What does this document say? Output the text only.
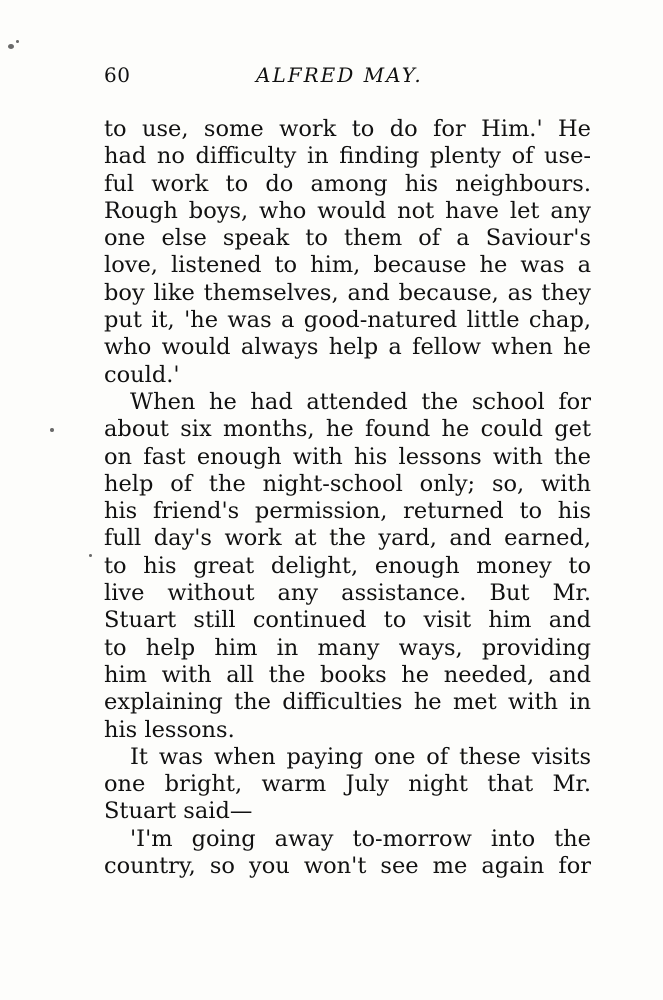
60	ALFRED MAY.
to use, some work to do for Him.' He
had no difficulty in finding plenty of use-
ful work to do among his neighbours.
Rough boys, who would not have let any
one else speak to them of a Saviour's
love, listened to him, because he was a
boy like themselves, and because, as they
put it, 'he was a good-natured little chap,
who would always help a fellow when he
could.'
When he had attended the school for
about six months, he found he could get
on fast enough with his lessons with the
help of the night-school only; so, with
his friend's permission, returned to his
full day's work at the yard, and earned,
to his great delight, enough money to
live without any assistance. But Mr.
Stuart still continued to visit him and
to help him in many ways, providing
him with all the books he needed, and
explaining the difficulties he met with in
his lessons.
It was when paying one of these visits
one bright, warm July night that Mr.
Stuart said—
'I'm going away to-morrow into the
country, so you won't see me again for
